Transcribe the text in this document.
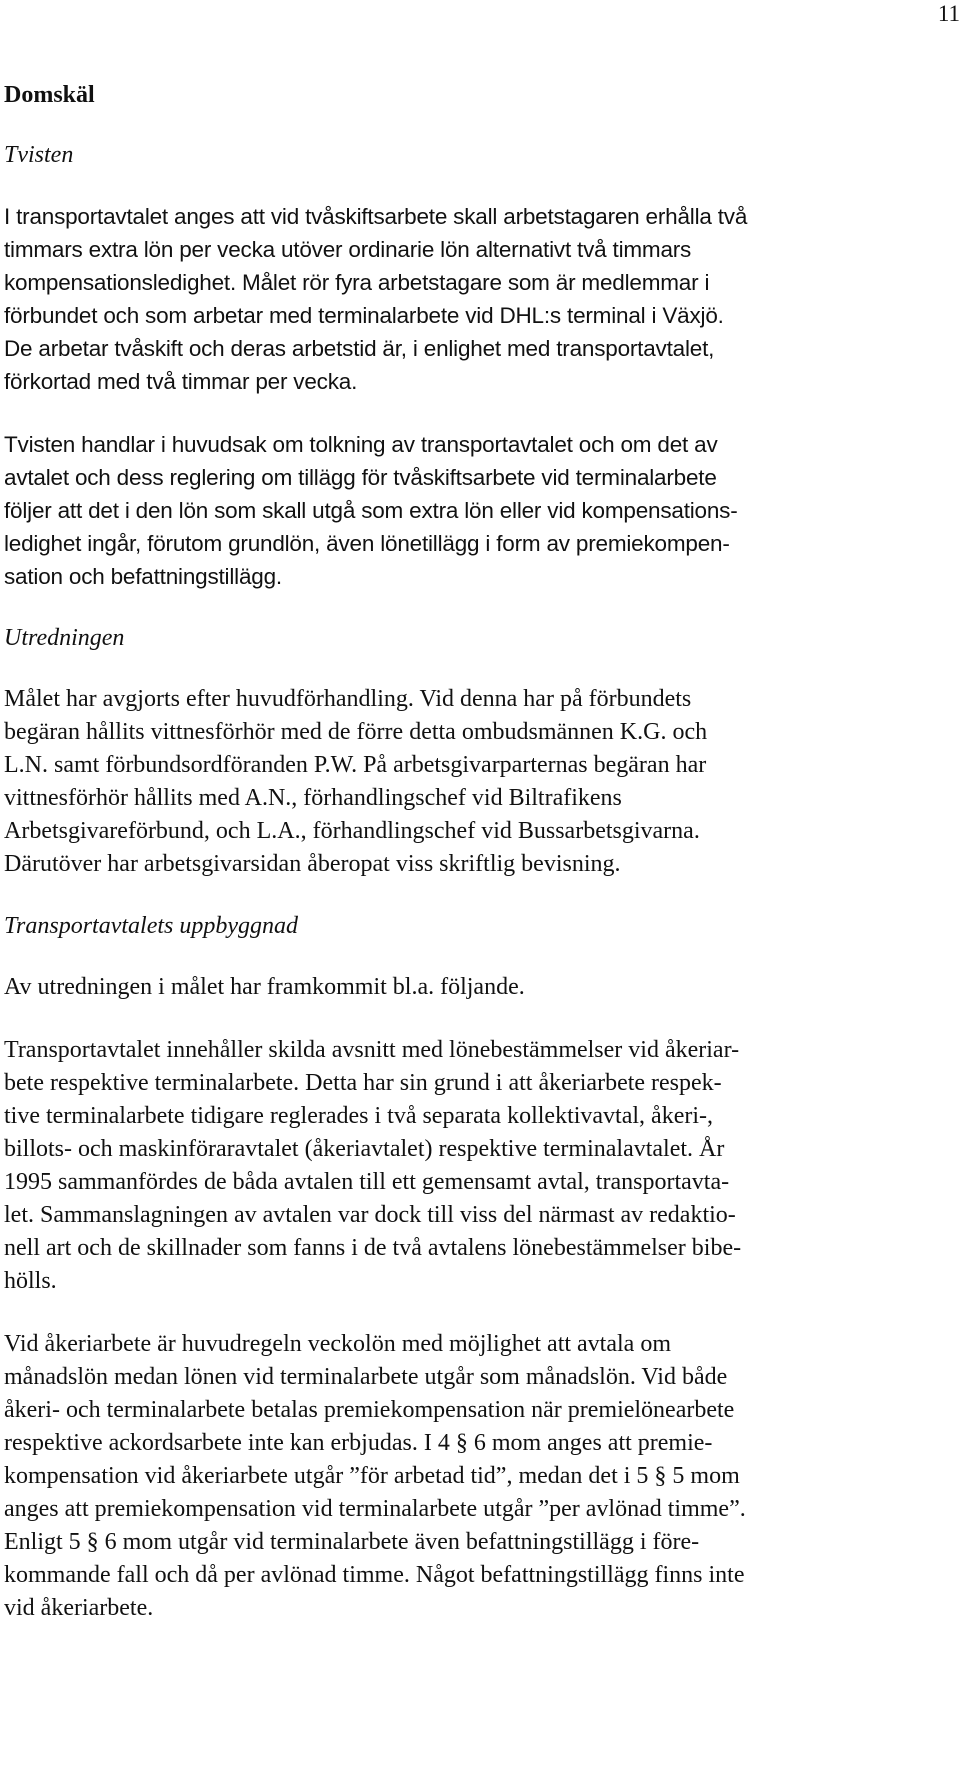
11
Domskäl
Tvisten

I transportavtalet anges att vid tvåskiftsarbete skall arbetstagaren erhålla två
timmars extra lön per vecka utöver ordinarie lön alternativt två timmars
kompensationsledighet. Målet rör fyra arbetstagare som är medlemmar i
förbundet och som arbetar med terminalarbete vid DHL:s terminal i Växjö.
De arbetar tvåskift och deras arbetstid är, i enlighet med transportavtalet,
förkortad med två timmar per vecka.

Tvisten handlar i huvudsak om tolkning av transportavtalet och om det av
avtalet och dess reglering om tillägg för tvåskiftsarbete vid terminalarbete
följer att det i den lön som skall utgå som extra lön eller vid kompensations-
ledighet ingår, förutom grundlön, även lönetillägg i form av premiekompen-
sation och befattningstillägg.

Utredningen

Målet har avgjorts efter huvudförhandling. Vid denna har på förbundets
begäran hållits vittnesförhör med de förre detta ombudsmännen K.G. och
L.N. samt förbundsordföranden P.W. På arbetsgivarparternas begäran har
vittnesförhör hållits med A.N., förhandlingschef vid Biltrafikens
Arbetsgivareförbund, och L.A., förhandlingschef vid Bussarbetsgivarna.
Därutöver har arbetsgivarsidan åberopat viss skriftlig bevisning.

Transportavtalets uppbyggnad

Av utredningen i målet har framkommit bl.a. följande.

Transportavtalet innehåller skilda avsnitt med lönebestämmelser vid åkeriar-
bete respektive terminalarbete. Detta har sin grund i att åkeriarbete respek-
tive terminalarbete tidigare reglerades i två separata kollektivavtal, åkeri-,
billots- och maskinföraravtalet (åkeriavtalet) respektive terminalavtalet. År
1995 sammanfördes de båda avtalen till ett gemensamt avtal, transportavta-
let. Sammanslagningen av avtalen var dock till viss del närmast av redaktio-
nell art och de skillnader som fanns i de två avtalens lönebestämmelser bibe-
hölls.

Vid åkeriarbete är huvudregeln veckolön med möjlighet att avtala om
månadslön medan lönen vid terminalarbete utgår som månadslön. Vid både
åkeri- och terminalarbete betalas premiekompensation när premielönearbete
respektive ackordsarbete inte kan erbjudas. I 4 § 6 mom anges att premie-
kompensation vid åkeriarbete utgår ”för arbetad tid”, medan det i 5 § 5 mom
anges att premiekompensation vid terminalarbete utgår ”per avlönad timme”.
Enligt 5 § 6 mom utgår vid terminalarbete även befattningstillägg i före-
kommande fall och då per avlönad timme. Något befattningstillägg finns inte
vid åkeriarbete.
